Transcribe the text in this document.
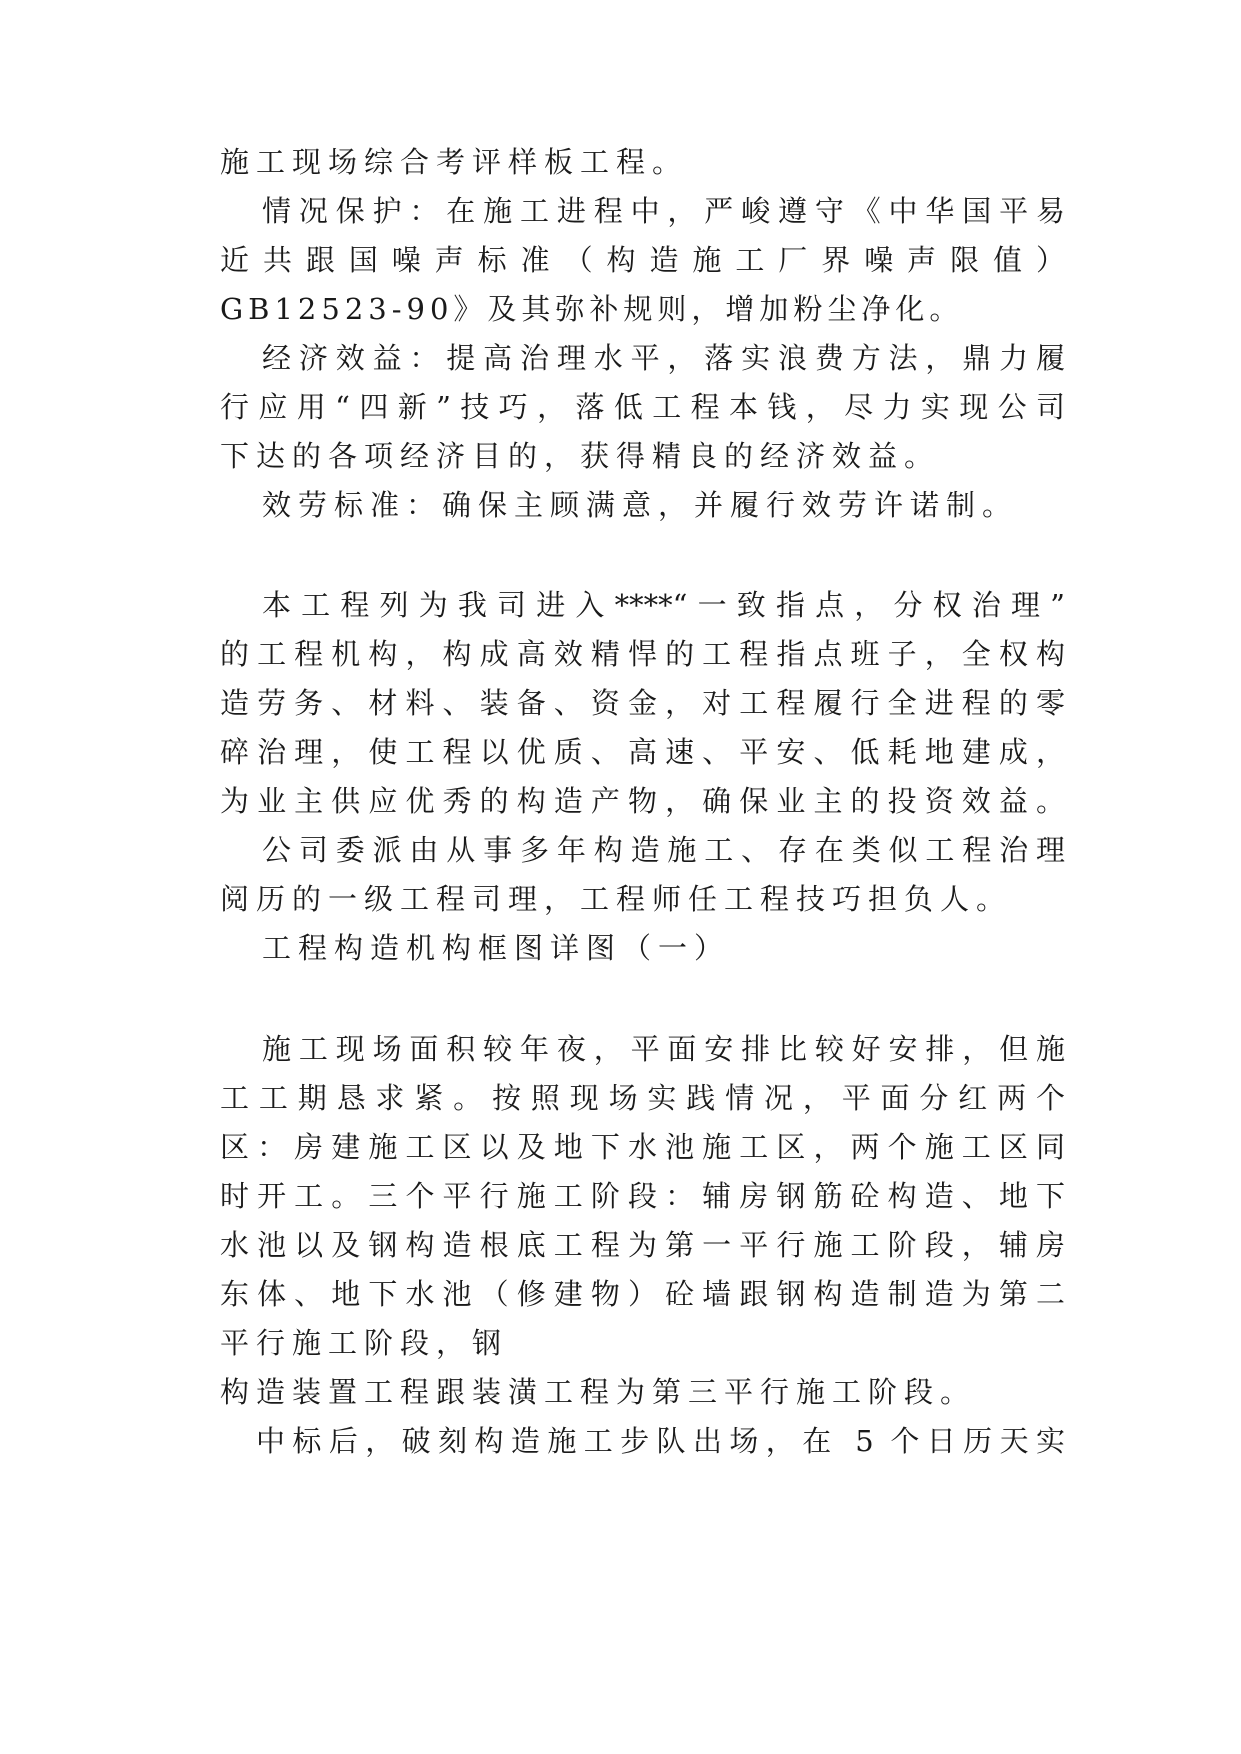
施工现场综合考评样板工程。
情况保护：在施工进程中，严峻遵守《中华国平易
近共跟国噪声标准（构造施工厂界噪声限值）
GB12523-90》及其弥补规则，增加粉尘净化。
经济效益：提高治理水平，落实浪费方法，鼎力履
行应用“四新”技巧，落低工程本钱，尽力实现公司
下达的各项经济目的，获得精良的经济效益。
效劳标准：确保主顾满意，并履行效劳许诺制。
本工程列为我司进入****“一致指点，分权治理”
的工程机构，构成高效精悍的工程指点班子，全权构
造劳务、材料、装备、资金，对工程履行全进程的零
碎治理，使工程以优质、高速、平安、低耗地建成，
为业主供应优秀的构造产物，确保业主的投资效益。
公司委派由从事多年构造施工、存在类似工程治理
阅历的一级工程司理，工程师任工程技巧担负人。
工程构造机构框图详图（一）
施工现场面积较年夜，平面安排比较好安排，但施
工工期恳求紧。按照现场实践情况，平面分红两个
区：房建施工区以及地下水池施工区，两个施工区同
时开工。三个平行施工阶段：辅房钢筋砼构造、地下
水池以及钢构造根底工程为第一平行施工阶段，辅房
东体、地下水池（修建物）砼墙跟钢构造制造为第二
平行施工阶段，钢
构造装置工程跟装潢工程为第三平行施工阶段。
中标后，破刻构造施工步队出场，在 5 个日历天实
